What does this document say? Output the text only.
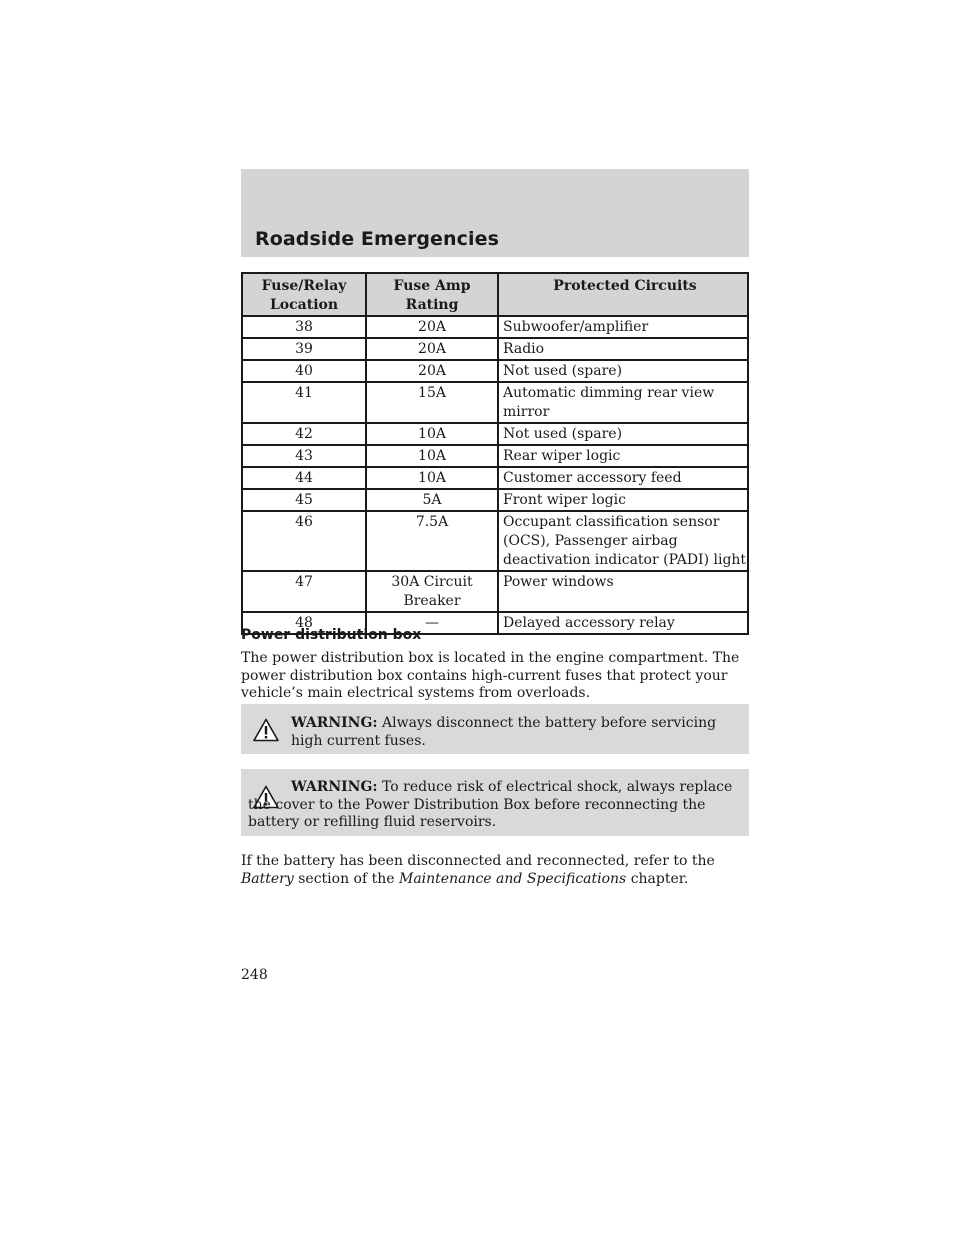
Roadside Emergencies
Fuse/Relay Location	Fuse Amp Rating	Protected Circuits
38	20A	Subwoofer/amplifier
39	20A	Radio
40	20A	Not used (spare)
41	15A	Automatic dimming rear view mirror
42	10A	Not used (spare)
43	10A	Rear wiper logic
44	10A	Customer accessory feed
45	5A	Front wiper logic
46	7.5A	Occupant classification sensor (OCS), Passenger airbag deactivation indicator (PADI) light
47	30A Circuit Breaker	Power windows
48	—	Delayed accessory relay
Power distribution box
The power distribution box is located in the engine compartment. The power distribution box contains high-current fuses that protect your vehicle’s main electrical systems from overloads.
WARNING: Always disconnect the battery before servicing high current fuses.
WARNING: To reduce risk of electrical shock, always replace the cover to the Power Distribution Box before reconnecting the battery or refilling fluid reservoirs.
If the battery has been disconnected and reconnected, refer to the
Battery section of the Maintenance and Specifications chapter.
248
